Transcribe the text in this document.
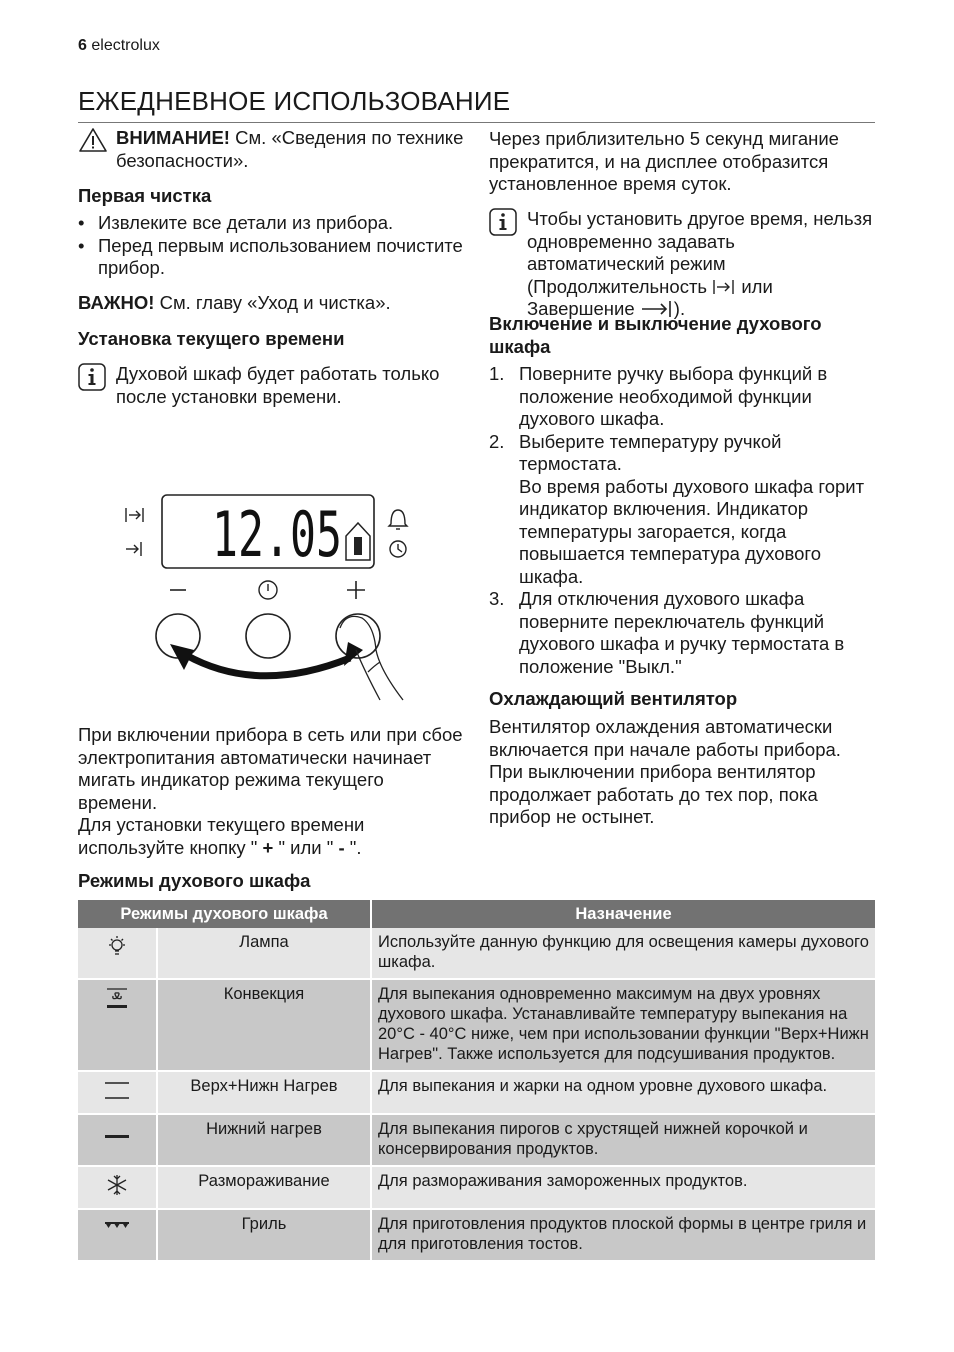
6 electrolux
ЕЖЕДНЕВНОЕ ИСПОЛЬЗОВАНИЕ

ВНИМАНИЕ! См. «Сведения по технике безопасности».

Первая чистка

• Извлеките все детали из прибора.
• Перед первым использованием почистите прибор.

ВАЖНО! См. главу «Уход и чистка».

Установка текущего времени

Духовой шкаф будет работать только после установки времени.

12.05

При включении прибора в сеть или при сбое электропитания автоматически начинает мигать индикатор режима текущего времени.

Для установки текущего времени используйте кнопку " + " или " - ".

Через приблизительно 5 секунд мигание прекратится, и на дисплее отобразится установленное время суток.

Чтобы установить другое время, нельзя одновременно задавать автоматический режим (Продолжительность  или Завершение ).

Включение и выключение духового шкафа

1. Поверните ручку выбора функций в положение необходимой функции духового шкафа.
2. Выберите температуру ручкой термостата.
Во время работы духового шкафа горит индикатор включения. Индикатор температуры загорается, когда повышается температура духового шкафа.
3. Для отключения духового шкафа поверните переключатель функций духового шкафа и ручку термостата в положение "Выкл."

Охлаждающий вентилятор

Вентилятор охлаждения автоматически включается при начале работы прибора. При выключении прибора вентилятор продолжает работать до тех пор, пока прибор не остынет.

Режимы духового шкафа

Режимы духового шкафа		Назначение
	Лампа	Используйте данную функцию для освещения камеры духового шкафа.
	Конвекция	Для выпекания одновременно максимум на двух уровнях духового шкафа. Устанавливайте температуру выпекания на 20°C - 40°C ниже, чем при использовании функции "Верх+Нижн Нагрев". Также используется для подсушивания продуктов.
	Верх+Нижн Нагрев	Для выпекания и жарки на одном уровне духового шкафа.
	Нижний нагрев	Для выпекания пирогов с хрустящей нижней корочкой и консервирования продуктов.
	Размораживание	Для размораживания замороженных продуктов.
	Гриль	Для приготовления продуктов плоской формы в центре гриля и для приготовления тостов.
